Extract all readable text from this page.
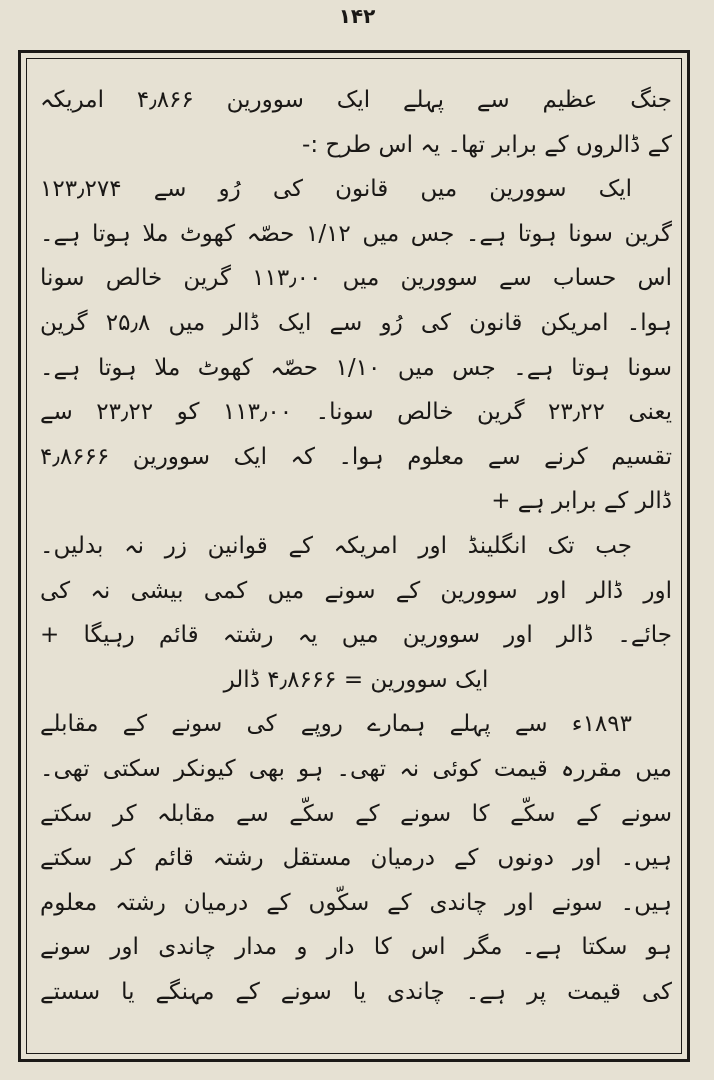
۱۴۲
جنگ عظیم سے پہلے ایک سوورین ۴٫۸۶۶ امریکہ
کے ڈالروں کے برابر تھا۔ یہ اس طرح :-
ایک سوورین میں قانون کی رُو سے ۱۲۳٫۲۷۴
گرین سونا ہوتا ہے۔ جس میں ۱/۱۲ حصّہ کھوٹ ملا ہوتا ہے۔
اس حساب سے سوورین میں ۱۱۳٫۰۰ گرین خالص سونا
ہوا۔ امریکن قانون کی رُو سے ایک ڈالر میں ۲۵٫۸ گرین
سونا ہوتا ہے۔ جس میں ۱/۱۰ حصّہ کھوٹ ملا ہوتا ہے۔
یعنی ۲۳٫۲۲ گرین خالص سونا۔ ۱۱۳٫۰۰ کو ۲۳٫۲۲ سے
تقسیم کرنے سے معلوم ہوا۔ کہ ایک سوورین ۴٫۸۶۶۶
ڈالر کے برابر ہے +
جب تک انگلینڈ اور امریکہ کے قوانین زر نہ بدلیں۔
اور ڈالر اور سوورین کے سونے میں کمی بیشی نہ کی
جائے۔ ڈالر اور سوورین میں یہ رشتہ قائم رہیگا +
ایک سوورین = ۴٫۸۶۶۶ ڈالر
۱۸۹۳ء سے پہلے ہمارے روپے کی سونے کے مقابلے
میں مقررہ قیمت کوئی نہ تھی۔ ہو بھی کیونکر سکتی تھی۔
سونے کے سکّے کا سونے کے سکّے سے مقابلہ کر سکتے
ہیں۔ اور دونوں کے درمیان مستقل رشتہ قائم کر سکتے
ہیں۔ سونے اور چاندی کے سکّوں کے درمیان رشتہ معلوم
ہو سکتا ہے۔ مگر اس کا دار و مدار چاندی اور سونے
کی قیمت پر ہے۔ چاندی یا سونے کے مہنگے یا سستے
